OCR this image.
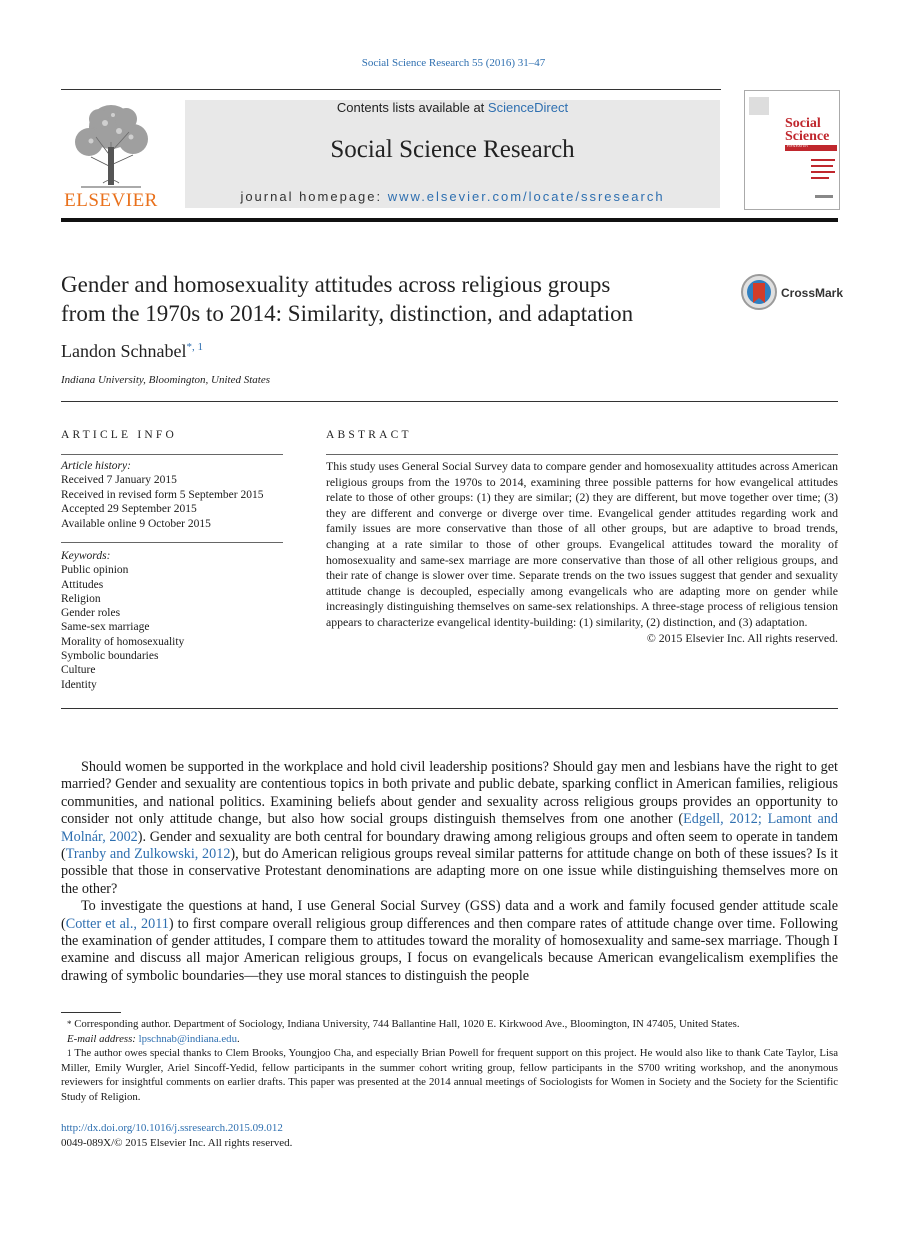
Social Science Research 55 (2016) 31–47
ELSEVIER
Contents lists available at ScienceDirect
Social Science Research
journal homepage: www.elsevier.com/locate/ssresearch
Social Science
Research
Gender and homosexuality attitudes across religious groups
from the 1970s to 2014: Similarity, distinction, and adaptation
CrossMark
Landon Schnabel$^{*, 1}$
Indiana University, Bloomington, United States
ARTICLE INFO	ABSTRACT
Article history:
Received 7 January 2015
Received in revised form 5 September 2015
Accepted 29 September 2015
Available online 9 October 2015
Keywords:
Public opinion
Attitudes
Religion
Gender roles
Same-sex marriage
Morality of homosexuality
Symbolic boundaries
Culture
Identity
This study uses General Social Survey data to compare gender and homosexuality attitudes across American religious groups from the 1970s to 2014, examining three possible patterns for how evangelical attitudes relate to those of other groups: (1) they are similar; (2) they are different, but move together over time; (3) they are different and converge or diverge over time. Evangelical gender attitudes regarding work and family issues are more conservative than those of all other groups, but are adaptive to broad trends, changing at a rate similar to those of other groups. Evangelical attitudes toward the morality of homosexuality and same-sex marriage are more conservative than those of all other religious groups, and their rate of change is slower over time. Separate trends on the two issues suggest that gender and sexuality attitude change is decoupled, especially among evangelicals who are adapting more on gender while increasingly distinguishing themselves on same-sex relationships. A three-stage process of religious tension appears to characterize evangelical identity-building: (1) similarity, (2) distinction, and (3) adaptation.
© 2015 Elsevier Inc. All rights reserved.

Should women be supported in the workplace and hold civil leadership positions? Should gay men and lesbians have the right to get married? Gender and sexuality are contentious topics in both private and public debate, sparking conflict in American families, religious communities, and national politics. Examining beliefs about gender and sexuality across religious groups provides an opportunity to consider not only attitude change, but also how social groups distinguish themselves from one another (Edgell, 2012; Lamont and Molnár, 2002). Gender and sexuality are both central for boundary drawing among religious groups and often seem to operate in tandem (Tranby and Zulkowski, 2012), but do American religious groups reveal similar patterns for attitude change on both of these issues? Is it possible that those in conservative Protestant denominations are adapting more on one issue while distinguishing themselves more on the other?

To investigate the questions at hand, I use General Social Survey (GSS) data and a work and family focused gender attitude scale (Cotter et al., 2011) to first compare overall religious group differences and then compare rates of attitude change over time. Following the examination of gender attitudes, I compare them to attitudes toward the morality of homosexuality and same-sex marriage. Though I examine and discuss all major American religious groups, I focus on evangelicals because American evangelicalism exemplifies the drawing of symbolic boundaries—they use moral stances to distinguish the people

* Corresponding author. Department of Sociology, Indiana University, 744 Ballantine Hall, 1020 E. Kirkwood Ave., Bloomington, IN 47405, United States.

E-mail address: lpschnab@indiana.edu.

$^1$ The author owes special thanks to Clem Brooks, Youngjoo Cha, and especially Brian Powell for frequent support on this project. He would also like to thank Cate Taylor, Lisa Miller, Emily Wurgler, Ariel Sincoff-Yedid, fellow participants in the summer cohort writing group, fellow participants in the S700 writing workshop, and the anonymous reviewers for insightful comments on earlier drafts. This paper was presented at the 2014 annual meetings of Sociologists for Women in Society and the Society for the Scientific Study of Religion.

http://dx.doi.org/10.1016/j.ssresearch.2015.09.012
0049-089X/© 2015 Elsevier Inc. All rights reserved.
